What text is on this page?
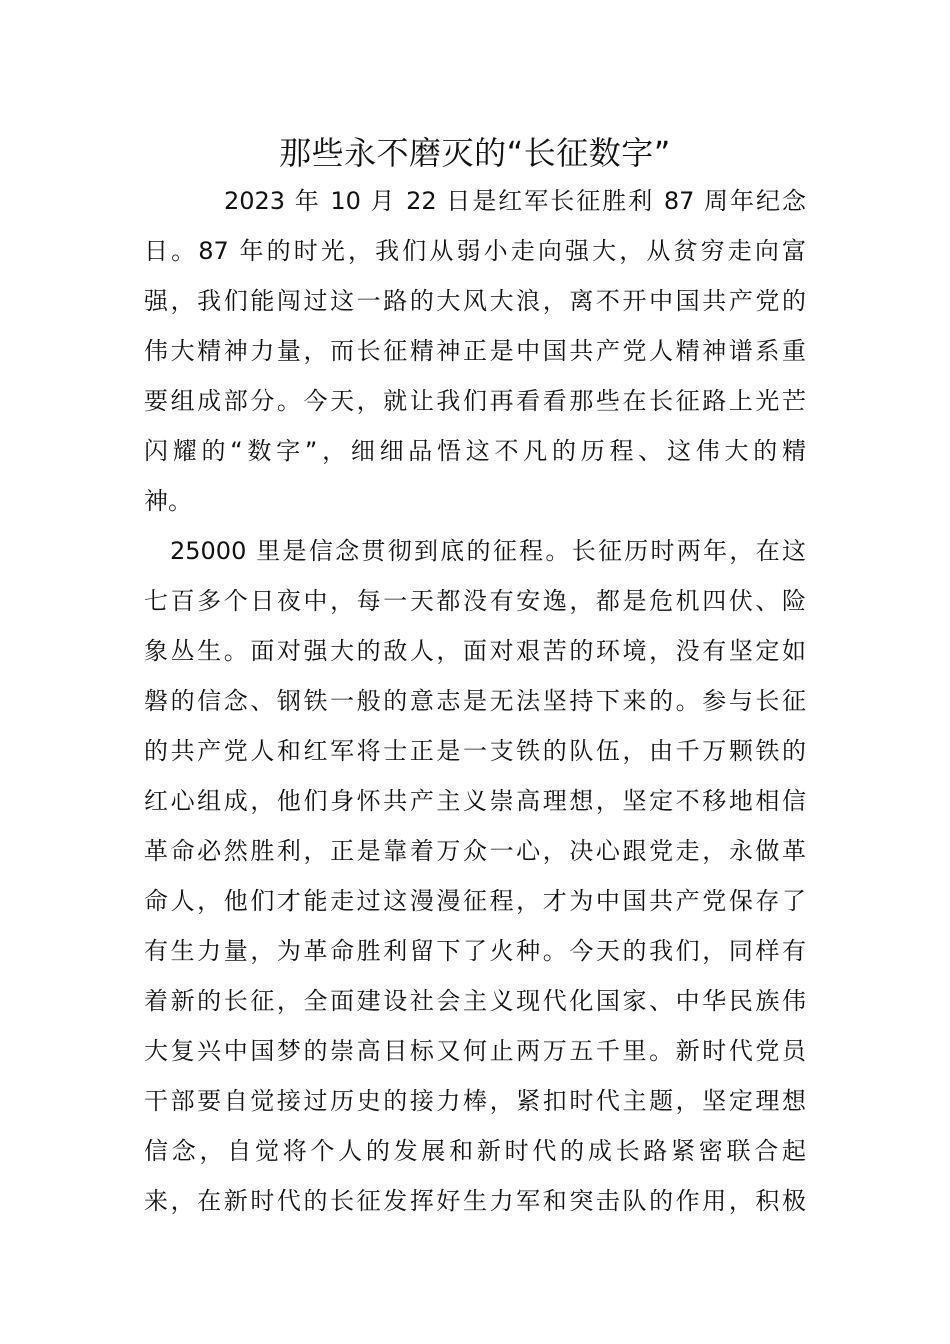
那些永不磨灭的“长征数字”
2023 年 10 月 22 日是红军长征胜利 87 周年纪念
日。87 年的时光，我们从弱小走向强大，从贫穷走向富
强，我们能闯过这一路的大风大浪，离不开中国共产党的
伟大精神力量，而长征精神正是中国共产党人精神谱系重
要组成部分。今天，就让我们再看看那些在长征路上光芒
闪耀的“数字”，细细品悟这不凡的历程、这伟大的精
神。
25000 里是信念贯彻到底的征程。长征历时两年，在这
七百多个日夜中，每一天都没有安逸，都是危机四伏、险
象丛生。面对强大的敌人，面对艰苦的环境，没有坚定如
磐的信念、钢铁一般的意志是无法坚持下来的。参与长征
的共产党人和红军将士正是一支铁的队伍，由千万颗铁的
红心组成，他们身怀共产主义崇高理想，坚定不移地相信
革命必然胜利，正是靠着万众一心，决心跟党走，永做革
命人，他们才能走过这漫漫征程，才为中国共产党保存了
有生力量，为革命胜利留下了火种。今天的我们，同样有
着新的长征，全面建设社会主义现代化国家、中华民族伟
大复兴中国梦的崇高目标又何止两万五千里。新时代党员
干部要自觉接过历史的接力棒，紧扣时代主题，坚定理想
信念，自觉将个人的发展和新时代的成长路紧密联合起
来，在新时代的长征发挥好生力军和突击队的作用，积极
